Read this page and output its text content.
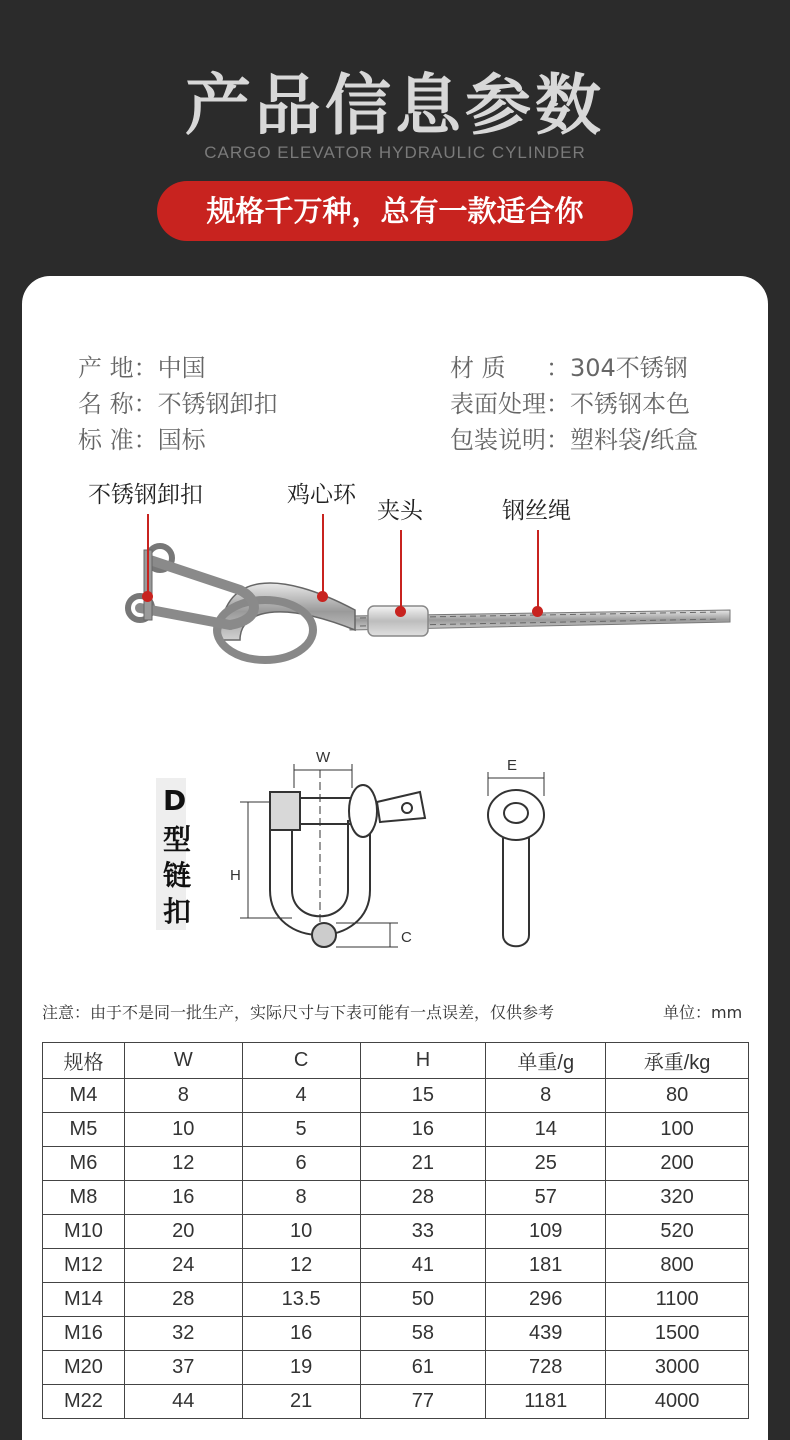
产品信息参数
CARGO ELEVATOR HYDRAULIC CYLINDER
规格千万种，总有一款适合你
产 地：中国
名 称：不锈钢卸扣
标 准：国标
材 质 ：304不锈钢
表面处理：不锈钢本色
包装说明：塑料袋/纸盒
不锈钢卸扣	鸡心环
夹头	钢丝绳
D
型
链
扣
W
H
C
E
注意：由于不是同一批生产，实际尺寸与下表可能有一点误差，仅供参考	单位：mm
规格	W	C	H	单重/g	承重/kg
M4	8	4	15	8	80
M5	10	5	16	14	100
M6	12	6	21	25	200
M8	16	8	28	57	320
M10	20	10	33	109	520
M12	24	12	41	181	800
M14	28	13.5	50	296	1100
M16	32	16	58	439	1500
M20	37	19	61	728	3000
M22	44	21	77	1181	4000
